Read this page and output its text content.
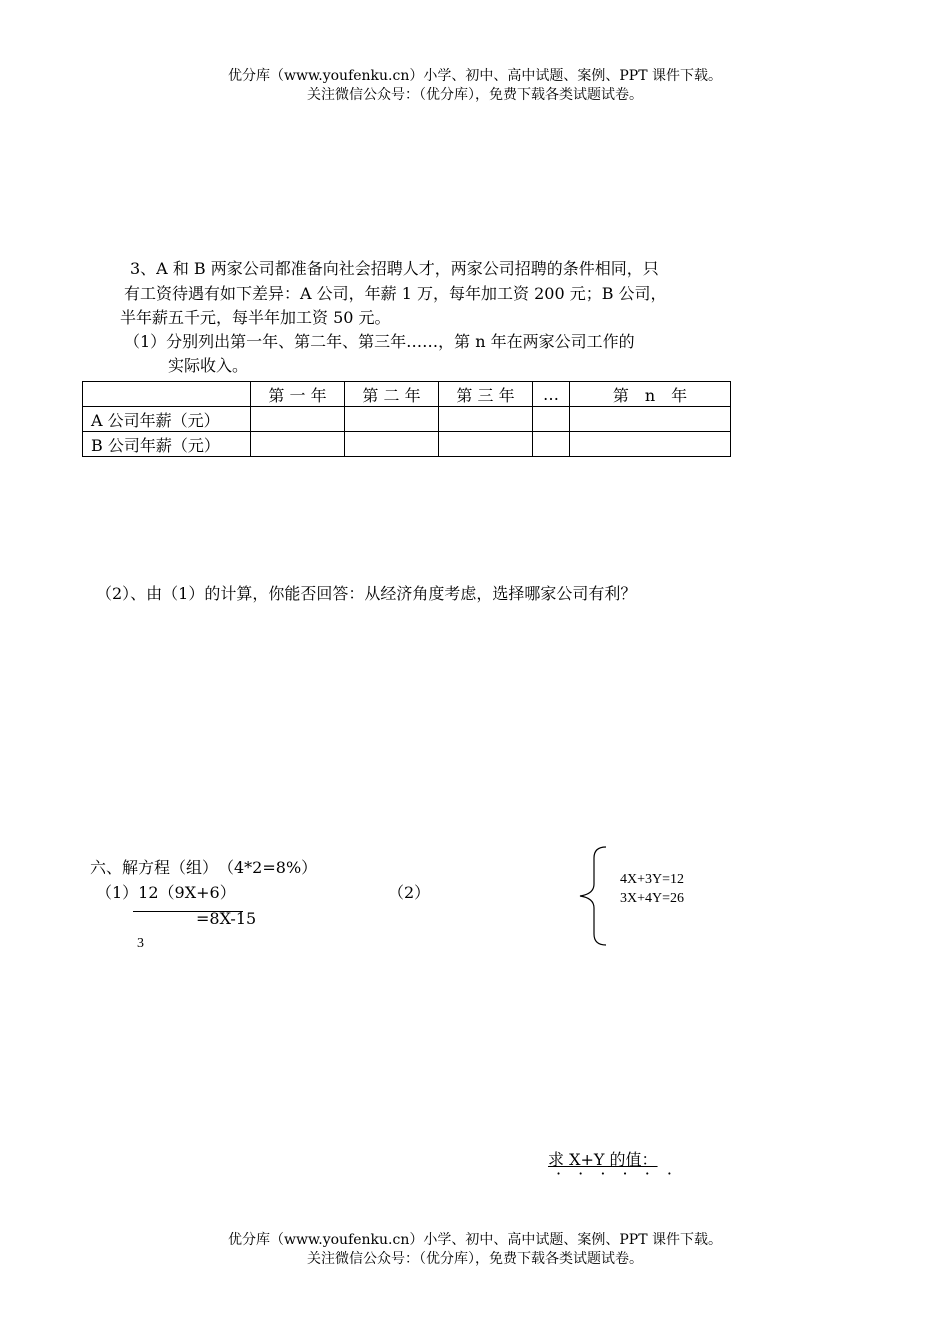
优分库（www.youfenku.cn）小学、初中、高中试题、案例、PPT 课件下载。
关注微信公众号：（优分库），免费下载各类试题试卷。
3、A 和 B 两家公司都准备向社会招聘人才，两家公司招聘的条件相同，只
有工资待遇有如下差异：A 公司，年薪 1 万，每年加工资 200 元；B 公司，
半年薪五千元，每半年加工资 50 元。
（1）分别列出第一年、第二年、第三年……，第 n 年在两家公司工作的
实际收入。
	第 一 年	第 二 年	第 三 年	…	第　n　年
A 公司年薪（元）					
B 公司年薪（元）					
（2）、由（1）的计算，你能否回答：从经济角度考虑，选择哪家公司有利？
六、解方程（组）　（4*2=8%）
（1）12（9X+6）
=8X-15
3
（2）
4X+3Y=12
3X+4Y=26
求 X+Y 的值：
· · · · · ·
优分库（www.youfenku.cn）小学、初中、高中试题、案例、PPT 课件下载。
关注微信公众号：（优分库），免费下载各类试题试卷。
